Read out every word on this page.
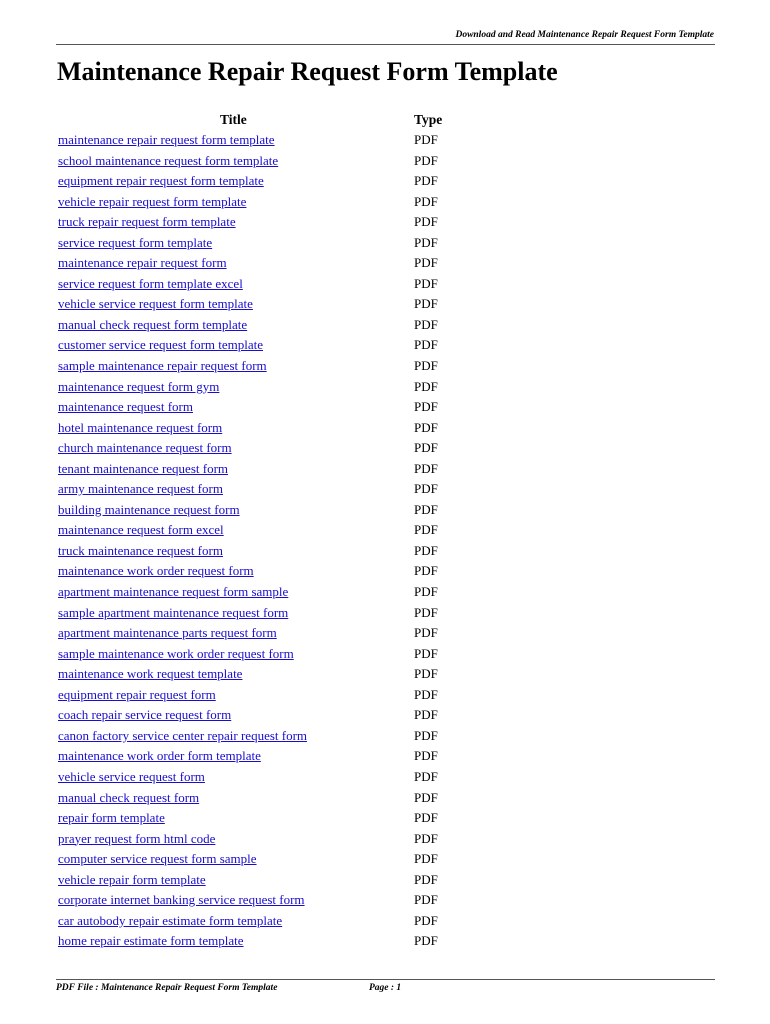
Download and Read Maintenance Repair Request Form Template
Maintenance Repair Request Form Template
Title	Type
maintenance repair request form template	PDF
school maintenance request form template	PDF
equipment repair request form template	PDF
vehicle repair request form template	PDF
truck repair request form template	PDF
service request form template	PDF
maintenance repair request form	PDF
service request form template excel	PDF
vehicle service request form template	PDF
manual check request form template	PDF
customer service request form template	PDF
sample maintenance repair request form	PDF
maintenance request form gym	PDF
maintenance request form	PDF
hotel maintenance request form	PDF
church maintenance request form	PDF
tenant maintenance request form	PDF
army maintenance request form	PDF
building maintenance request form	PDF
maintenance request form excel	PDF
truck maintenance request form	PDF
maintenance work order request form	PDF
apartment maintenance request form sample	PDF
sample apartment maintenance request form	PDF
apartment maintenance parts request form	PDF
sample maintenance work order request form	PDF
maintenance work request template	PDF
equipment repair request form	PDF
coach repair service request form	PDF
canon factory service center repair request form	PDF
maintenance work order form template	PDF
vehicle service request form	PDF
manual check request form	PDF
repair form template	PDF
prayer request form html code	PDF
computer service request form sample	PDF
vehicle repair form template	PDF
corporate internet banking service request form	PDF
car autobody repair estimate form template	PDF
home repair estimate form template	PDF
PDF File : Maintenance Repair Request Form Template	Page : 1
